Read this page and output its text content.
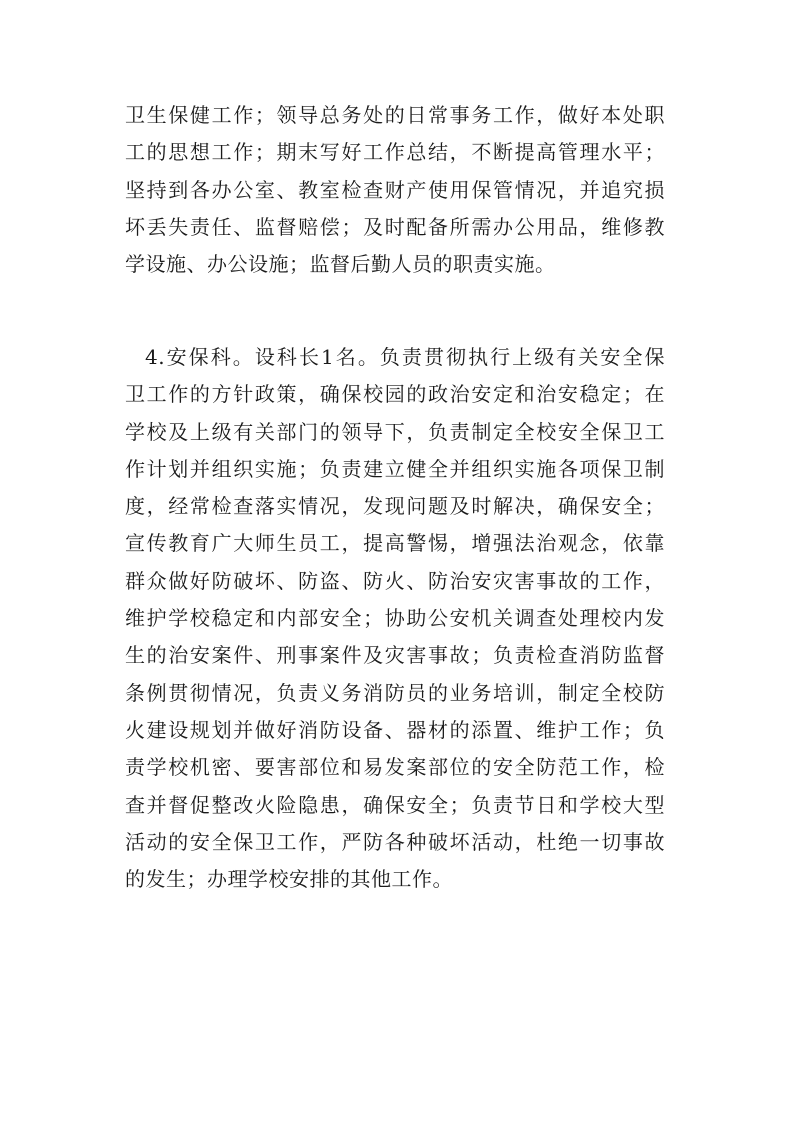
卫生保健工作；领导总务处的日常事务工作，做好本处职
工的思想工作；期末写好工作总结，不断提高管理水平；
坚持到各办公室、教室检查财产使用保管情况，并追究损
坏丢失责任、监督赔偿；及时配备所需办公用品，维修教
学设施、办公设施；监督后勤人员的职责实施。
4.安保科。设科长1名。负责贯彻执行上级有关安全保
卫工作的方针政策，确保校园的政治安定和治安稳定；在
学校及上级有关部门的领导下，负责制定全校安全保卫工
作计划并组织实施；负责建立健全并组织实施各项保卫制
度，经常检查落实情况，发现问题及时解决，确保安全；
宣传教育广大师生员工，提高警惕，增强法治观念，依靠
群众做好防破坏、防盗、防火、防治安灾害事故的工作，
维护学校稳定和内部安全；协助公安机关调查处理校内发
生的治安案件、刑事案件及灾害事故；负责检查消防监督
条例贯彻情况，负责义务消防员的业务培训，制定全校防
火建设规划并做好消防设备、器材的添置、维护工作；负
责学校机密、要害部位和易发案部位的安全防范工作，检
查并督促整改火险隐患，确保安全；负责节日和学校大型
活动的安全保卫工作，严防各种破坏活动，杜绝一切事故
的发生；办理学校安排的其他工作。
